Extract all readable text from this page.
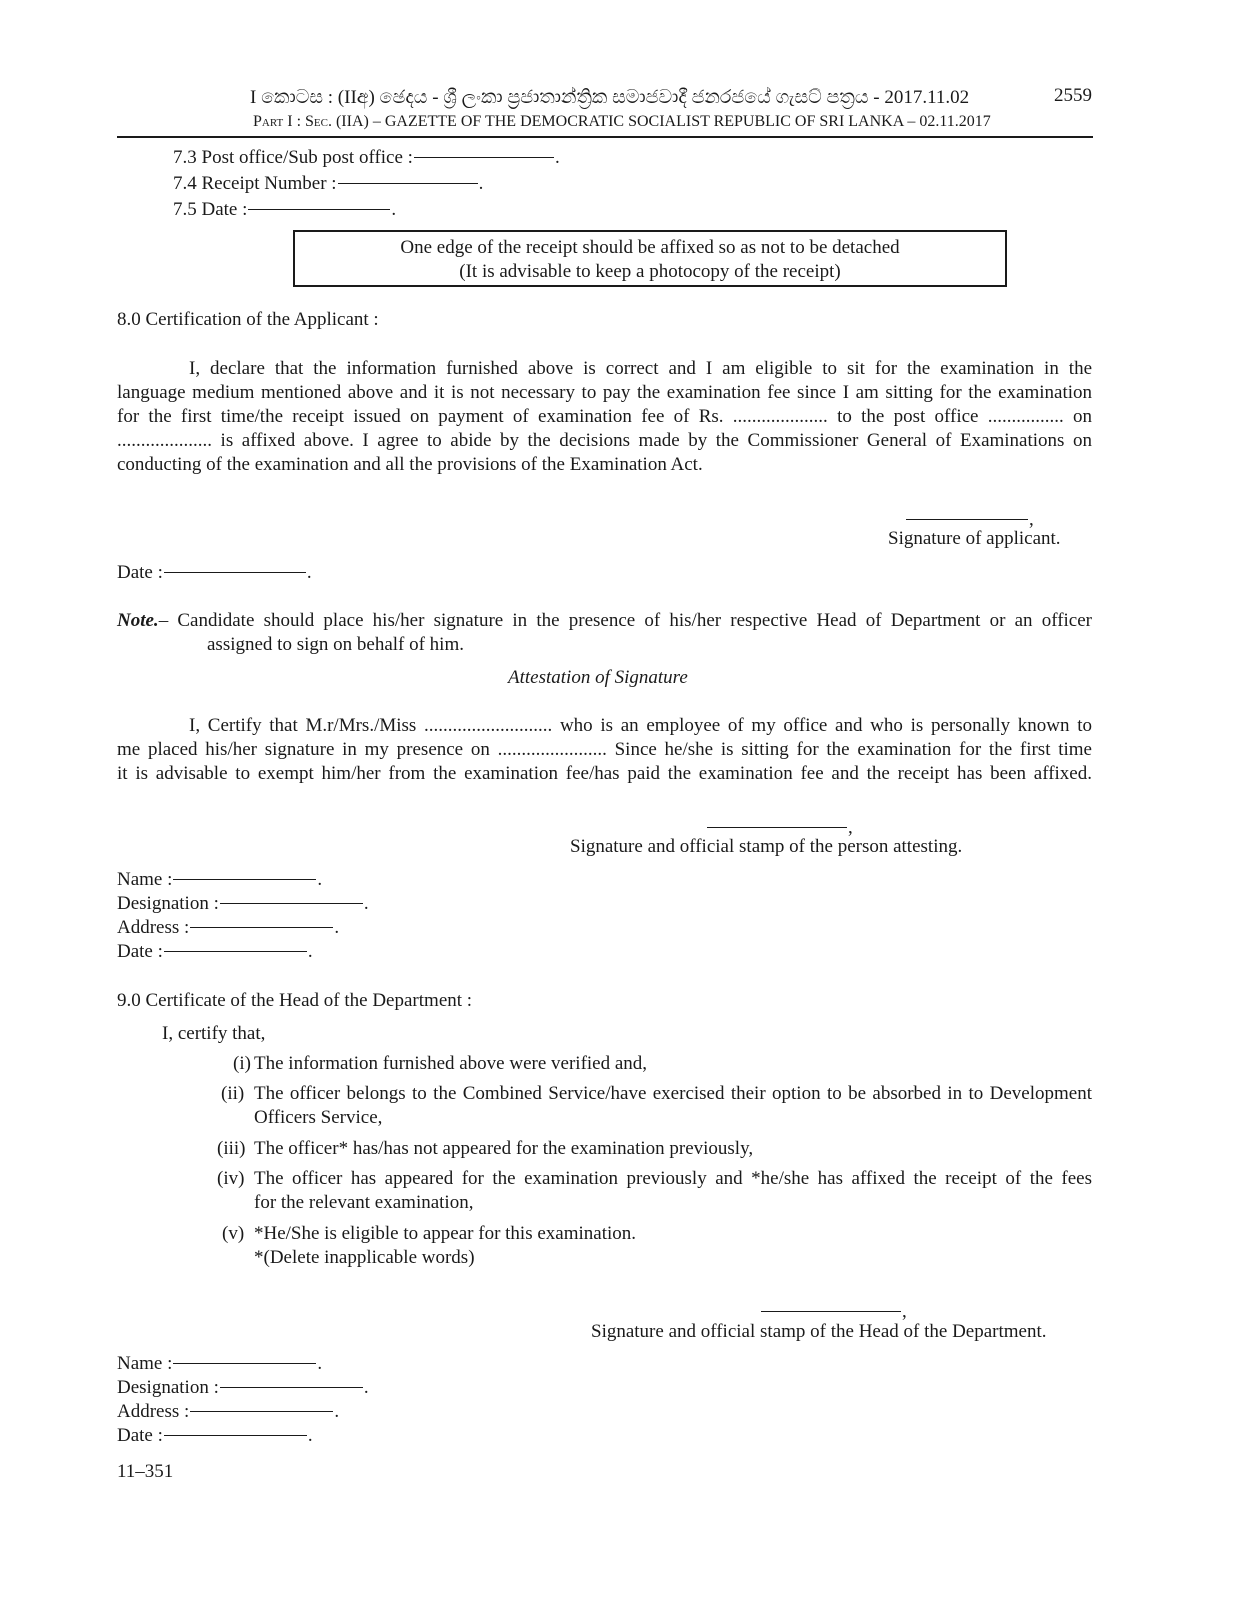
I කොටස : (IIඅ) ඡෙදය - ශ්‍රී ලංකා ප්‍රජාතාන්ත්‍රික සමාජවාදී ජනරජයේ ගැසට් පත්‍රය - 2017.11.02	2559
Part I : Sec. (IIA) – GAZETTE OF THE DEMOCRATIC SOCIALIST REPUBLIC OF SRI LANKA – 02.11.2017
7.3 Post office/Sub post office :	.
7.4 Receipt Number :	.
7.5 Date :	.
One edge of the receipt should be affixed so as not to be detached
(It is advisable to keep a photocopy of the receipt)
8.0 Certification of the Applicant :
I, declare that the information furnished above is correct and I am eligible to sit for the examination in the
language medium mentioned above and it is not necessary to pay the examination fee since I am sitting for the examination
for the first time/the receipt issued on payment of examination fee of Rs. .................... to the post office ................ on
.................... is affixed above. I agree to abide by the decisions made by the Commissioner General of Examinations on
conducting of the examination and all the provisions of the Examination Act.
,
Signature of applicant.
Date :	.
Note.– Candidate should place his/her signature in the presence of his/her respective Head of Department or an officer
assigned to sign on behalf of him.
Attestation of Signature
I, Certify that M.r/Mrs./Miss ........................... who is an employee of my office and who is personally known to
me placed his/her signature in my presence on ....................... Since he/she is sitting for the examination for the first time
it is advisable to exempt him/her from the examination fee/has paid the examination fee and the receipt has been affixed.
,
Signature and official stamp of the person attesting.
Name :	.
Designation :	.
Address :	.
Date :	.
9.0 Certificate of the Head of the Department :
I, certify that,
(i) The information furnished above were verified and,
(ii) The officer belongs to the Combined Service/have exercised their option to be absorbed in to Development
Officers Service,
(iii) The officer* has/has not appeared for the examination previously,
(iv) The officer has appeared for the examination previously and *he/she has affixed the receipt of the fees
for the relevant examination,
(v) *He/She is eligible to appear for this examination.
*(Delete inapplicable words)
,
Signature and official stamp of the Head of the Department.
Name :	.
Designation :	.
Address :	.
Date :	.
11–351
